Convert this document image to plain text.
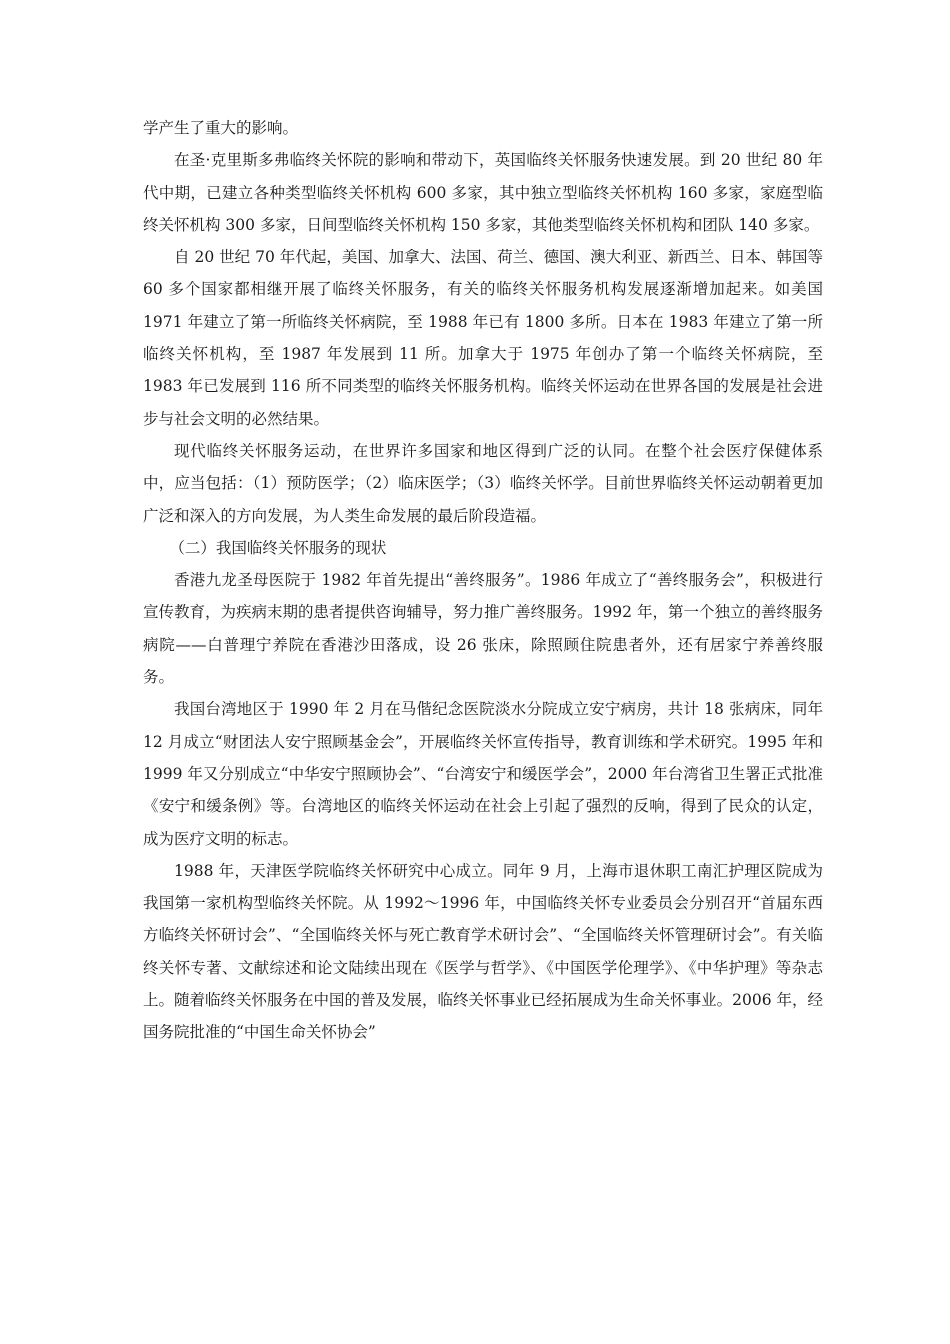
学产生了重大的影响。

在圣·克里斯多弗临终关怀院的影响和带动下，英国临终关怀服务快速发展。到 20 世纪 80 年代中期，已建立各种类型临终关怀机构 600 多家，其中独立型临终关怀机构 160 多家，家庭型临终关怀机构 300 多家，日间型临终关怀机构 150 多家，其他类型临终关怀机构和团队 140 多家。

自 20 世纪 70 年代起，美国、加拿大、法国、荷兰、德国、澳大利亚、新西兰、日本、韩国等 60 多个国家都相继开展了临终关怀服务，有关的临终关怀服务机构发展逐渐增加起来。如美国 1971 年建立了第一所临终关怀病院，至 1988 年已有 1800 多所。日本在 1983 年建立了第一所临终关怀机构，至 1987 年发展到 11 所。加拿大于 1975 年创办了第一个临终关怀病院，至 1983 年已发展到 116 所不同类型的临终关怀服务机构。临终关怀运动在世界各国的发展是社会进步与社会文明的必然结果。

现代临终关怀服务运动，在世界许多国家和地区得到广泛的认同。在整个社会医疗保健体系中，应当包括：（1）预防医学；（2）临床医学；（3）临终关怀学。目前世界临终关怀运动朝着更加广泛和深入的方向发展，为人类生命发展的最后阶段造福。

（二）我国临终关怀服务的现状

香港九龙圣母医院于 1982 年首先提出“善终服务”。1986 年成立了“善终服务会”，积极进行宣传教育，为疾病末期的患者提供咨询辅导，努力推广善终服务。1992 年，第一个独立的善终服务病院——白普理宁养院在香港沙田落成，设 26 张床，除照顾住院患者外，还有居家宁养善终服务。

我国台湾地区于 1990 年 2 月在马偕纪念医院淡水分院成立安宁病房，共计 18 张病床，同年 12 月成立“财团法人安宁照顾基金会”，开展临终关怀宣传指导，教育训练和学术研究。1995 年和 1999 年又分别成立“中华安宁照顾协会”、“台湾安宁和缓医学会”，2000 年台湾省卫生署正式批准《安宁和缓条例》等。台湾地区的临终关怀运动在社会上引起了强烈的反响，得到了民众的认定，成为医疗文明的标志。

1988 年，天津医学院临终关怀研究中心成立。同年 9 月，上海市退休职工南汇护理区院成为我国第一家机构型临终关怀院。从 1992～1996 年，中国临终关怀专业委员会分别召开“首届东西方临终关怀研讨会”、“全国临终关怀与死亡教育学术研讨会”、“全国临终关怀管理研讨会”。有关临终关怀专著、文献综述和论文陆续出现在《医学与哲学》、《中国医学伦理学》、《中华护理》等杂志上。随着临终关怀服务在中国的普及发展，临终关怀事业已经拓展成为生命关怀事业。2006 年，经国务院批准的“中国生命关怀协会”
